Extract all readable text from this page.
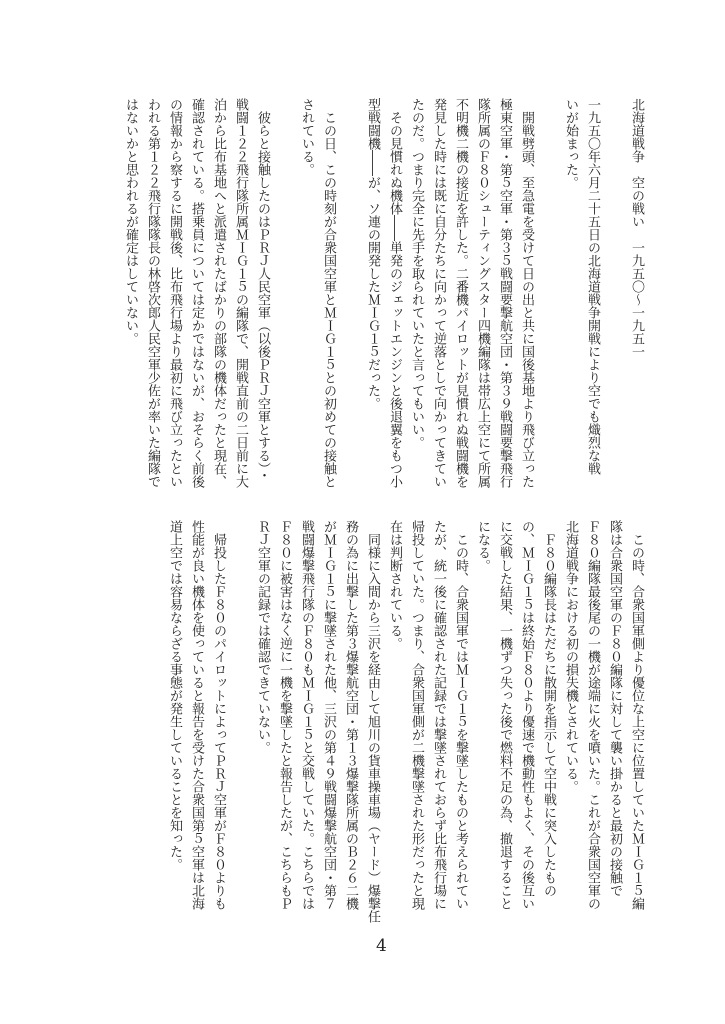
北海道戦争　空の戦い　一九五〇～一九五一
一九五〇年六月二十五日の北海道戦争開戦により空でも熾烈な戦
いが始まった。
　開戦劈頭、至急電を受けて日の出と共に国後基地より飛び立った
極東空軍・第５空軍・第３５戦闘要撃航空団・第３９戦闘要撃飛行
隊所属のＦ８０シューティングスター四機編隊は帯広上空にて所属
不明機二機の接近を許した。二番機パイロットが見慣れぬ戦闘機を
発見した時には既に自分たちに向かって逆落としで向かってきてい
たのだ。つまり完全に先手を取られていたと言ってもいい。
　その見慣れぬ機体――単発のジェットエンジンと後退翼をもつ小
型戦闘機――が、ソ連の開発したＭＩＧ１５だった。
　この日、この時刻が合衆国空軍とＭＩＧ１５との初めての接触と
されている。
　彼らと接触したのはＰＲＪ人民空軍（以後ＰＲＪ空軍とする）・
戦闘１２２飛行隊所属ＭＩＧ１５の編隊で、開戦直前の二日前に大
泊から比布基地へと派遣されたばかりの部隊の機体だったと現在、
確認されている。搭乗員については定かではないが、おそらく前後
の情報から察するに開戦後、比布飛行場より最初に飛び立ったとい
われる第１２２飛行隊隊長の林啓次郎人民空軍少佐が率いた編隊で
はないかと思われるが確定はしていない。
　この時、合衆国軍側より優位な上空に位置していたＭＩＧ１５編
隊は合衆国空軍のＦ８０編隊に対して襲い掛かると最初の接触で
Ｆ８０編隊最後尾の一機が途端に火を噴いた。これが合衆国空軍の
北海道戦争における初の損失機とされている。
　Ｆ８０編隊長はただちに散開を指示して空中戦に突入したもの
の、ＭＩＧ１５は終始Ｆ８０より優速で機動性もよく、その後互い
に交戦した結果、一機ずつ失った後で燃料不足の為、撤退すること
になる。
　この時、合衆国軍ではＭＩＧ１５を撃墜したものと考えられてい
たが、統一後に確認された記録では撃墜されておらず比布飛行場に
帰投していた。つまり、合衆国軍側が二機撃墜された形だったと現
在は判断されている。
　同様に入間から三沢を経由して旭川の貨車操車場（ヤード）爆撃任
務の為に出撃した第３爆撃航空団・第１３爆撃隊所属のＢ２６二機
がＭＩＧ１５に撃墜された他、三沢の第４９戦闘爆撃航空団・第７
戦闘爆撃飛行隊のＦ８０もＭＩＧ１５と交戦していた。こちらでは
Ｆ８０に被害はなく逆に一機を撃墜したと報告したが、こちらもＰ
ＲＪ空軍の記録では確認できていない。
　帰投したＦ８０のパイロットによってＰＲＪ空軍がＦ８０よりも
性能が良い機体を使っていると報告を受けた合衆国第５空軍は北海
道上空では容易ならざる事態が発生していることを知った。
4
